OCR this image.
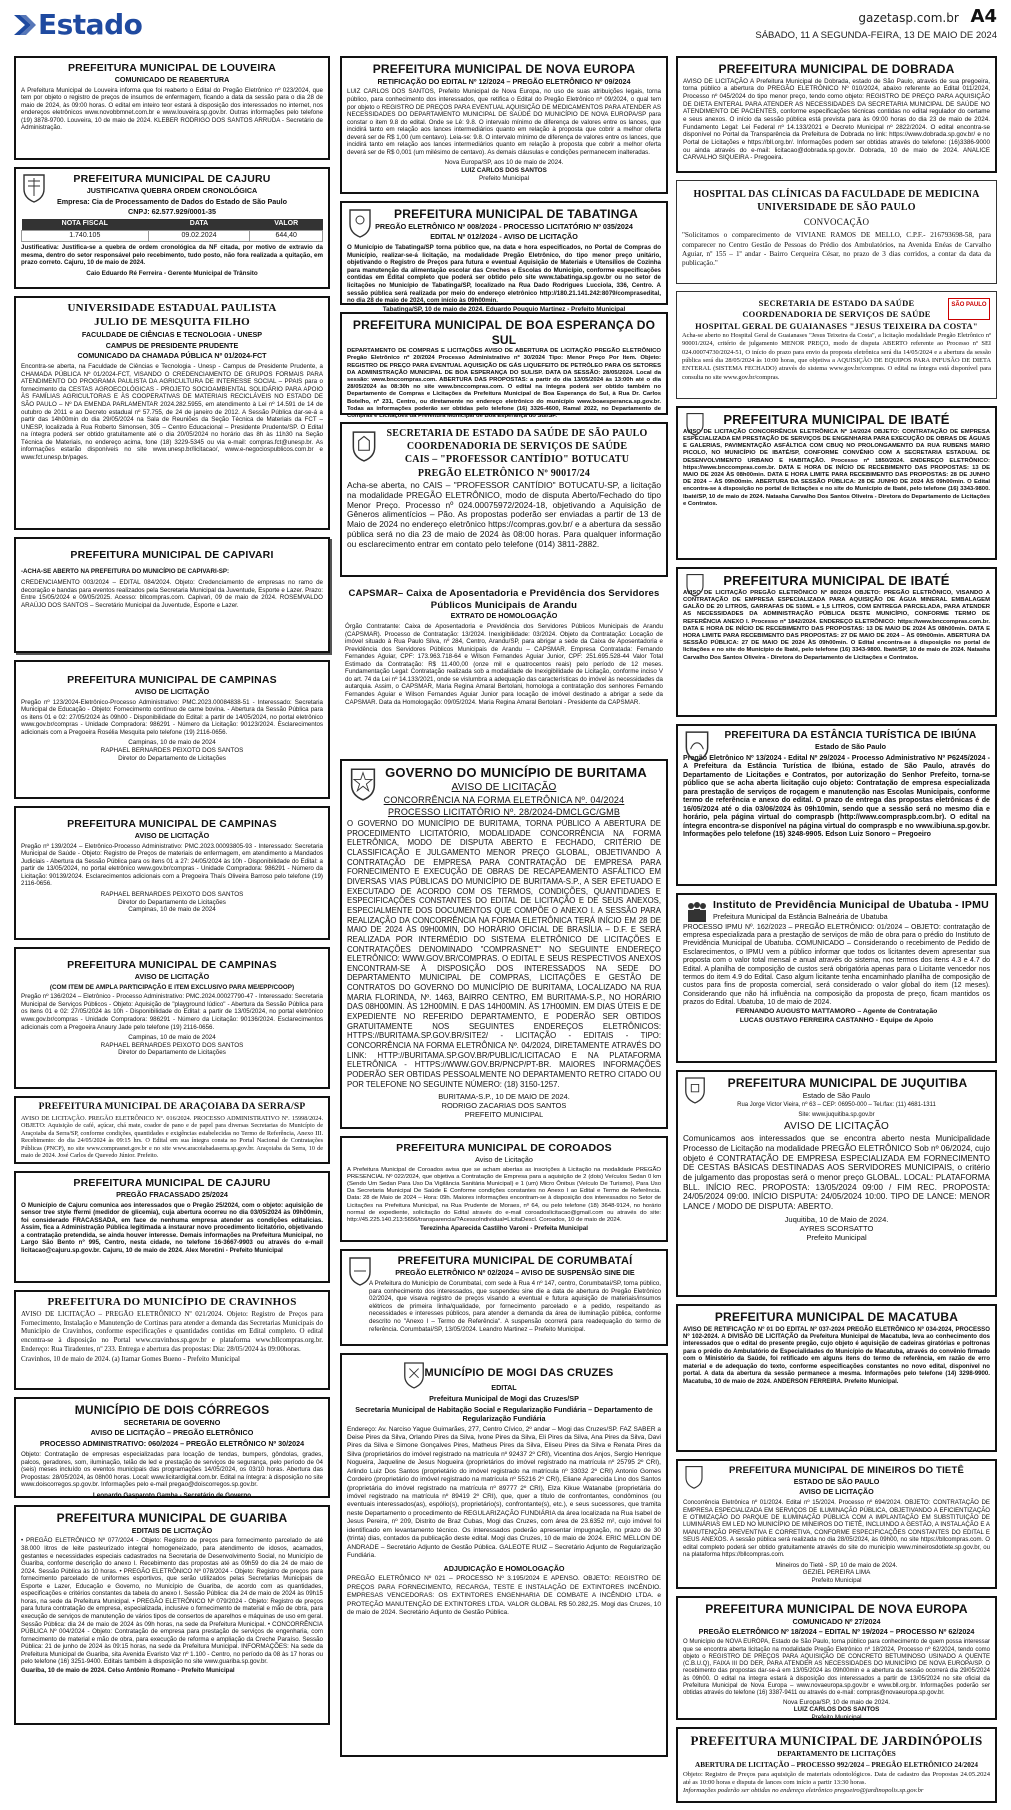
Estado	gazetasp.com.br A4
SÁBADO, 11 A SEGUNDA-FEIRA, 13 DE MAIO DE 2024
PREFEITURA MUNICIPAL DE LOUVEIRA
COMUNICADO DE REABERTURA
A Prefeitura Municipal de Louveira informa que foi reaberto o Edital do Pregão Eletrônico nº 023/2024, que tem por objeto o registro de preços de insumos de enfermagem, ficando a data da sessão para o dia 28 de maio de 2024, às 09:00 horas. O edital em inteiro teor estará à disposição dos interessados no internet, nos endereços eletrônicos www.novobbmnet.com.br e www.louveira.sp.gov.br. Outras informações pelo telefone (19) 3878-9700. Louveira, 10 de maio de 2024. KLEBER RODRIGO DOS SANTOS ARRUDA - Secretário de Administração.
PREFEITURA MUNICIPAL DE CAJURU
JUSTIFICATIVA QUEBRA ORDEM CRONOLÓGICA
Empresa: Cia de Processamento de Dados do Estado de São Paulo
CNPJ: 62.577.929/0001-35
NOTA FISCAL	DATA	VALOR
1.740.105	09.02.2024	644,40
Justificativa: Justifica-se a quebra de ordem cronológica da NF citada, por motivo de extravio da mesma, dentro do setor responsável pelo recebimento, tudo posto, não fora realizada a quitação, em prazo correto. Cajuru, 10 de maio de 2024.
Caio Eduardo Ré Ferreira - Gerente Municipal de Trânsito
UNIVERSIDADE ESTADUAL PAULISTA
JULIO DE MESQUITA FILHO
FACULDADE DE CIÊNCIAS E TECNOLOGIA - UNESP
CAMPUS DE PRESIDENTE PRUDENTE
COMUNICADO DA CHAMADA PÚBLICA Nº 01/2024-FCT
Encontra-se aberta, na Faculdade de Ciências e Tecnologia - Unesp - Campus de Presidente Prudente, a CHAMADA PÚBLICA Nº 01/2024-FCT, VISANDO O CREDENCIAMENTO DE GRUPOS FORMAIS PARA ATENDIMENTO DO PROGRAMA PAULISTA DA AGRICULTURA DE INTERESSE SOCIAL – PPAIS para o fornecimento da CESTAS AGROECOLÓGICAS - PROJETO SOCIOAMBIENTAL SOLIDÁRIO PARA APOIO ÀS FAMÍLIAS AGRICULTORAS E ÀS COOPERATIVAS DE MATERIAIS RECICLÁVEIS NO ESTADO DE SÃO PAULO – Nº DA EMENDA PARLAMENTAR 2024.282.5955, em atendimento à Lei nº 14.591 de 14 de outubro de 2011 e ao Decreto estadual nº 57.755, de 24 de janeiro de 2012. A Sessão Pública dar-se-á a partir das 14h00min do dia 29/05/2024 na Sala de Reuniões da Seção Técnica de Materiais da FCT – UNESP, localizada à Rua Roberto Simonsen, 305 – Centro Educacional – Presidente Prudente/SP. O Edital na íntegra poderá ser obtido gratuitamente até o dia 20/05/2024 no horário das 8h às 11h30 na Seção Técnica de Materiais, no endereço acima, fone (18) 3229-5345 ou via e-mail: compras.fct@unesp.br. As informações estarão disponíveis no site www.unesp.br/licitacao/, www.e-negociospublicos.com.br e www.fct.unesp.br/pages.
PREFEITURA MUNICIPAL DE CAPIVARI
-ACHA-SE ABERTO NA PREFEITURA DO MUNICÍPIO DE CAPIVARI-SP:
CREDENCIAMENTO 003/2024 – EDITAL 084/2024. Objeto: Credenciamento de empresas no ramo de decoração e bandas para eventos realizados pela Secretaria Municipal da Juventude, Esporte e Lazer. Prazo: Entre 15/05/2024 e 09/05/2025. Acesso: bllcompras.com. Capivari, 09 de maio de 2024. ROSEMVALDO ARAÚJO DOS SANTOS – Secretário Municipal da Juventude, Esporte e Lazer.
PREFEITURA MUNICIPAL DE CAMPINAS
AVISO DE LICITAÇÃO
Pregão nº 123/2024-Eletrônico-Processo Administrativo: PMC.2023.00084838-51 - Interessado: Secretaria Municipal de Educação - Objeto: Fornecimento contínuo de carne bovina. - Abertura da Sessão Pública para os itens 01 e 02: 27/05/2024 às 09h00 - Disponibilidade do Edital: a partir de 14/05/2024, no portal eletrônico www.gov.br/compras - Unidade Compradora: 986291 - Número da Licitação: 90123/2024. Esclarecimentos adicionais com a Pregoeira Rosélia Mesquita pelo telefone (19) 2116-0656.
Campinas, 10 de maio de 2024
RAPHAEL BERNARDES PEIXOTO DOS SANTOS
Diretor do Departamento de Licitações
PREFEITURA MUNICIPAL DE CAMPINAS
AVISO DE LICITAÇÃO
Pregão nº 139/2024 – Eletrônico-Processo Administrativo: PMC.2023.00093805-93 - Interessado: Secretaria Municipal de Saúde - Objeto: Registro de Preços de materiais de enfermagem, em atendimento a Mandados Judiciais - Abertura da Sessão Pública para os itens 01 a 27: 24/05/2024 às 10h - Disponibilidade do Edital: a partir de 13/05/2024, no portal eletrônico www.gov.br/compras - Unidade Compradora: 986291 - Número da Licitação: 90139/2024. Esclarecimentos adicionais com a Pregoeira Thaís Oliveira Barroso pelo telefone (19) 2116-0656.
RAPHAEL BERNARDES PEIXOTO DOS SANTOS
Diretor do Departamento de Licitações
Campinas, 10 de maio de 2024
PREFEITURA MUNICIPAL DE CAMPINAS
AVISO DE LICITAÇÃO
(COM ITEM DE AMPLA PARTICIPAÇÃO E ITEM EXCLUSIVO PARA ME/EPP/COOP)
Pregão nº 136/2024 – Eletrônico - Processo Administrativo: PMC.2024.00027790-47 - Interessado: Secretaria Municipal de Serviços Públicos - Objeto: Aquisição de "playground lúdico" - Abertura da Sessão Pública para os itens 01 e 02: 27/05/2024 às 10h - Disponibilidade do Edital: a partir de 13/05/2024, no portal eletrônico www.gov.br/compras - Unidade Compradora: 986291 - Número da Licitação: 90136/2024. Esclarecimentos adicionais com a Pregoeira Anaury Jade pelo telefone (19) 2116-0656.
Campinas, 10 de maio de 2024
RAPHAEL BERNARDES PEIXOTO DOS SANTOS
Diretor do Departamento de Licitações
PREFEITURA MUNICIPAL DE ARAÇOIABA DA SERRA/SP
AVISO DE LICITAÇÃO. PREGÃO ELETRÔNICO Nº. 016/2024. PROCESSO ADMINISTRATIVO Nº. 15998/2024. OBJETO: Aquisição de café, açúcar, chá mate, coador de pano e de papel para diversas Secretarias do Município de Araçoiaba da Serra/SP, conforme condições, quantidades e exigências estabelecidas no Termo de Referência, Anexo III. Recebimento: do dia 24/05/2024 às 09:15 hrs. O Edital em sua íntegra consta no Portal Nacional de Contratações Públicas (PNCP), no site www.comprasnet.gov.br e no site www.aracoiabadaserra.sp.gov.br. Araçoiaba da Serra, 10 de maio de 2024. José Carlos de Quevedo Júnior. Prefeito.
PREFEITURA MUNICIPAL DE CAJURU
PREGÃO FRACASSADO 25/2024
O Município de Cajuru comunica aos interessados que o Pregão 25/2024, com o objeto: aquisição de sensor tree style ffermi (medidor de glicemia), cuja abertura ocorreu no dia 03/05/2024 às 09h00min, foi considerado FRACASSADA, em face de nenhuma empresa atender as condições editalícias. Assim, fica a Administração Pública legitimada a instaurar novo procedimento licitatório, objetivando a contratação pretendida, se ainda houver interesse. Demais informações na Prefeitura Municipal, no Largo São Bento nº 995, Centro, nesta cidade, no telefone 16-3667-9903 ou através do e-mail licitacao@cajuru.sp.gov.br. Cajuru, 10 de maio de 2024. Alex Moretini - Prefeito Municipal
PREFEITURA DO MUNICÍPIO DE CRAVINHOS
AVISO DE LICITAÇÃO – PREGÃO ELETRÔNICO Nº 021/2024. Objeto: Registro de Preços para Fornecimento, Instalação e Manutenção de Cortinas para atender a demanda das Secretarias Municipais do Município de Cravinhos, conforme especificações e quantidades contidas em Edital completo. O edital encontra-se à disposição no Portal www.cravinhos.sp.gov.br e plataforma www.bllcompras.org.br. Endereço: Rua Tiradentes, nº 233. Entrega e abertura das propostas: Dia: 28/05/2024 às 09:00horas.
Cravinhos, 10 de maio de 2024. (a) Itamar Gomes Bueno - Prefeito Municipal
MUNICÍPIO DE DOIS CÓRREGOS
SECRETARIA DE GOVERNO
AVISO DE LICITAÇÃO – PREGÃO ELETRÔNICO
PROCESSO ADMINISTRATIVO: 060/2024 – PREGÃO ELETRÔNICO Nº 30/2024
Objeto: Contratação de empresas especializadas para locação de tendas, bumpers, gôndolas, grades, palcos, geradores, som, iluminação, telão de led e prestação de serviços de segurança, pelo período de 04 (seis) meses incluído os eventos municipais das programações 14/05/2024, os 03/10 horas. Abertura das Propostas: 28/05/2024, às 08h00 horas. Local: www.licitardigital.com.br. Edital na íntegra: à disposição no site www.doiscorregos.sp.gov.br. Informações pelo e-mail pregao@doiscorregos.sp.gov.br.
Leonardo Gasparoto Gamba - Secretário de Governo
PREFEITURA MUNICIPAL DE GUARIBA
EDITAIS DE LICITAÇÃO
• PREGÃO ELETRÔNICO Nº 077/2024 - Objeto: Registro de preços para fornecimento parcelado de até 38.000 litros de leite pasteurizado integral homogeneizado, para atendimento de idosos, acamados, gestantes e necessidades especiais cadastrados na Secretaria de Desenvolvimento Social, no Município de Guariba, conforme descrição do anexo I. Recebimento das propostas até as 09h59 do dia 24 de maio de 2024. Sessão Pública às 10 horas. • PREGÃO ELETRÔNICO Nº 078/2024 - Objeto: Registro de preços para fornecimento parcelado de uniformes esportivos, que serão utilizados pelas Secretarias Municipais de Esporte e Lazer, Educação e Governo, no Município de Guariba, de acordo com as quantidades, especificações e critérios constantes da tabela do anexo I. Sessão Pública: dia 24 de maio de 2024 às 09h15 horas, na sede da Prefeitura Municipal. • PREGÃO ELETRÔNICO Nº 079/2024 - Objeto: Registro de preços para futura contratação de empresa, especializada, inclusive o fornecimento de material e mão de obra, para execução de serviços de manutenção de vários tipos de consertos de aparelhos e máquinas de uso em geral. Sessão Pública: dia 24 de maio de 2024 às 09h horas, na sede da Prefeitura Municipal. • CONCORRÊNCIA PÚBLICA Nº 004/2024 - Objeto: Contratação de empresa para prestação de serviços de engenharia, com fornecimento de material e mão de obra, para execução de reforma e ampliação da Creche Paraíso. Sessão Pública: 21 de junho de 2024 às 09:15 horas, na sede da Prefeitura Municipal. INFORMAÇÕES: Na sede da Prefeitura Municipal de Guariba, sita Avenida Evaristo Vaz nº 1.100 - Centro, no período da 08 às 17 horas ou pelo telefone (16) 3251-9400. Editais também à disposição no site www.guariba.sp.gov.br.
Guariba, 10 de maio de 2024. Celso Antônio Romano - Prefeito Municipal
PREFEITURA MUNICIPAL DE NOVA EUROPA
RETIFICAÇÃO DO EDITAL Nº 12/2024 – PREGÃO ELETRÔNICO Nº 09/2024
LUIZ CARLOS DOS SANTOS, Prefeito Municipal de Nova Europa, no uso de suas atribuições legais, torna público, para conhecimento dos interessados, que retifica o Edital do Pregão Eletrônico nº 09/2024, o qual tem por objeto o REGISTRO DE PREÇOS PARA EVENTUAL AQUISIÇÃO DE MEDICAMENTOS PARA ATENDER AS NECESSIDADES DO DEPARTAMENTO MUNICIPAL DE SAÚDE DO MUNICÍPIO DE NOVA EUROPA/SP para constar o item 9.8 do edital. Onde se Lê: 9.8. O intervalo mínimo de diferença de valores entre os lances, que incidirá tanto em relação aos lances intermediários quanto em relação à proposta que cobrir a melhor oferta deverá ser de R$ 1,00 (um centavo). Leia-se: 9.8. O intervalo mínimo de diferença de valores entre os lances, que incidirá tanto em relação aos lances intermediários quanto em relação à proposta que cobrir a melhor oferta deverá ser de R$ 0,001 (um milésimo de centavo). As demais cláusulas e condições permanecem inalteradas.
Nova Europa/SP, aos 10 de maio de 2024.
LUIZ CARLOS DOS SANTOS
Prefeito Municipal
PREFEITURA MUNICIPAL DE TABATINGA
PREGÃO ELETRÔNICO Nº 008/2024 - PROCESSO LICITATÓRIO Nº 035/2024
EDITAL Nº 012/2024 - AVISO DE LICITAÇÃO
O Município de Tabatinga/SP torna público que, na data e hora especificados, no Portal de Compras do Município, realizar-se-á licitação, na modalidade Pregão Eletrônico, do tipo menor preço unitário, objetivando o Registro de Preços para futura e eventual Aquisição de Materiais e Utensílios de Cozinha para manutenção da alimentação escolar das Creches e Escolas do Município, conforme especificações contidas em Edital completo que poderá ser obtido pelo site www.tabatinga.sp.gov.br ou no setor de licitações no Município de Tabatinga/SP, localizado na Rua Dado Rodrigues Lucciola, 336, Centro. A sessão pública será realizada por meio do endereço eletrônico http://180.21.141.242:8079/comprasedital, no dia 28 de maio de 2024, com início às 09h00min.
Tabatinga/SP, 10 de maio de 2024. Eduardo Pouquio Martinez - Prefeito Municipal
PREFEITURA MUNICIPAL DE BOA ESPERANÇA DO SUL
DEPARTAMENTO DE COMPRAS E LICITAÇÕES AVISO DE ABERTURA DE LICITAÇÃO PREGÃO ELETRÔNICO Pregão Eletrônico nº 20/2024 Processo Administrativo nº 30/2024 Tipo: Menor Preço Por Item. Objeto: REGISTRO DE PREÇO PARA EVENTUAL AQUISIÇÃO DE GÁS LIQUEFEITO DE PETRÓLEO PARA OS SETORES DA ADMINISTRAÇÃO MUNICIPAL DE BOA ESPERANÇA DO SUL/SP. DATA DA SESSÃO: 28/05/2024. Local da sessão: www.bnccompras.com. ABERTURA DAS PROPOSTAS: a partir do dia 13/05/2024 às 13:00h até o dia 28/05/2024 às 08:30h no site www.bnccompras.com. O edital na íntegra poderá ser obtido também no Departamento de Compras e Licitações da Prefeitura Municipal de Boa Esperança do Sul, à Rua Dr. Carlos Botelho, nº 231, Centro, ou diretamente no endereço eletrônico do município www.boaesperanca.sp.gov.br. Todas as informações poderão ser obtidas pelo telefone (16) 3326-4600, Ramal 2022, no Departamento de Compras e Licitações da Prefeitura Municipal de Boa Esperança do Sul/SP.
SECRETARIA DE ESTADO DA SAÚDE DE SÃO PAULO
COORDENADORIA DE SERVIÇOS DE SAÚDE
CAIS – "PROFESSOR CANTÍDIO" BOTUCATU
PREGÃO ELETRÔNICO Nº 90017/24
Acha-se aberta, no CAIS – "PROFESSOR CANTÍDIO" BOTUCATU-SP, a licitação na modalidade PREGÃO ELETRÔNICO, modo de disputa Aberto/Fechado do tipo Menor Preço. Processo nº 024.00075972/2024-18, objetivando a Aquisição de Gêneros alimentícios – Pão. As propostas poderão ser enviadas a partir de 13 de Maio de 2024 no endereço eletrônico https://compras.gov.br/ e a abertura da sessão pública será no dia 23 de maio de 2024 às 08:00 horas. Para qualquer informação ou esclarecimento entrar em contato pelo telefone (014) 3811-2882.
CAPSMAR– Caixa de Aposentadoria e Previdência dos Servidores Públicos Municipais de Arandu
EXTRATO DE HOMOLOGAÇÃO
Órgão Contratante: Caixa de Aposentadoria e Previdência dos Servidores Públicos Municipais de Arandu (CAPSMAR). Processo de Contratação: 13/2024. Inexigibilidade: 03/2024. Objeto da Contratação: Locação de imóvel situado à Rua Paulo Silva, nº 284, Centro, Arandu/SP, para abrigar a sede da Caixa de Aposentadoria e Previdência dos Servidores Públicos Municipais de Arandu – CAPSMAR. Empresa Contratada: Fernando Fernandes Aguiar, CPF: 173.963.718-64 e Wilson Fernandes Aguiar Junior, CPF: 251.695.528-44 Valor Total Estimado da Contratação: R$ 11.400,00 (onze mil e quatrocentos reais) pelo período de 12 meses. Fundamentação Legal: Contratação realizada sob a modalidade de Inexigibilidade de Licitação, conforme inciso V do art. 74 da Lei nº 14.133/2021, onde se vislumbra a adequação das características do imóvel às necessidades da autarquia. Assim, o CAPSMAR, Maria Regina Amaral Bertolani, homologa a contratação dos senhores Fernando Fernandes Aguiar e Wilson Fernandes Aguiar Junior para locação de imóvel destinado a abrigar a sede da CAPSMAR. Data da Homologação: 09/05/2024. Maria Regina Amaral Bertolani - Presidente da CAPSMAR.
GOVERNO DO MUNICÍPIO DE BURITAMA
AVISO DE LICITAÇÃO
CONCORRÊNCIA NA FORMA ELETRÔNICA Nº. 04/2024
PROCESSO LICITATÓRIO Nº. 28/2024-DMCLGC/GMB
O GOVERNO DO MUNICÍPIO DE BURITAMA, TORNA PÚBLICO A ABERTURA DE PROCEDIMENTO LICITATÓRIO, MODALIDADE CONCORRÊNCIA NA FORMA ELETRÔNICA, MODO DE DISPUTA ABERTO E FECHADO, CRITÉRIO DE CLASSIFICAÇÃO E JULGAMENTO MENOR PREÇO GLOBAL, OBJETIVANDO A CONTRATAÇÃO DE EMPRESA PARA CONTRATAÇÃO DE EMPRESA PARA FORNECIMENTO E EXECUÇÃO DE OBRAS DE RECAPEAMENTO ASFÁLTICO EM DIVERSAS VIAS PÚBLICAS DO MUNICÍPIO DE BURITAMA-S.P., A SER EFETUADO E EXECUTADO DE ACORDO COM OS TERMOS, CONDIÇÕES, QUANTIDADES E ESPECIFICAÇÕES CONSTANTES DO EDITAL DE LICITAÇÃO E DE SEUS ANEXOS, ESPECIALMENTE DOS DOCUMENTOS QUE COMPÕE O ANEXO I. A SESSÃO PARA REALIZAÇÃO DA CONCORRÊNCIA NA FORMA ELETRÔNICA TERÁ INÍCIO EM 28 DE MAIO DE 2024 ÀS 09H00MIN, DO HORÁRIO OFICIAL DE BRASÍLIA – D.F. E SERÁ REALIZADA POR INTERMÉDIO DO SISTEMA ELETRÔNICO DE LICITAÇÕES E CONTRATAÇÕES DENOMINADO "COMPRASNET" NO SEGUINTE ENDEREÇO ELETRÔNICO: WWW.GOV.BR/COMPRAS. O EDITAL E SEUS RESPECTIVOS ANEXOS ENCONTRAM-SE À DISPOSIÇÃO DOS INTERESSADOS NA SEDE DO DEPARTAMENTO MUNICIPAL DE COMPRAS, LICITAÇÕES E GESTÃO DE CONTRATOS DO GOVERNO DO MUNICÍPIO DE BURITAMA, LOCALIZADO NA RUA MARIA FLORINDA, Nº. 1463, BAIRRO CENTRO, EM BURITAMA-S.P., NO HORÁRIO DAS 08H00MIN. ÀS 12H00MIN. E DAS 14H00MIN. ÀS 17H00MIN. EM DIAS ÚTEIS E DE EXPEDIENTE NO REFERIDO DEPARTAMENTO, E PODERÃO SER OBTIDOS GRATUITAMENTE NOS SEGUINTES ENDEREÇOS ELETRÔNICOS: HTTPS://BURITAMA.SP.GOV.BR/SITE2/ - LICITAÇÃO - EDITAIS - TIPO: CONCORRÊNCIA NA FORMA ELETRÔNICA Nº. 04/2024, DIRETAMENTE ATRAVÉS DO LINK: HTTP://BURITAMA.SP.GOV.BR/PUBLIC/LICITACAO E NA PLATAFORMA ELETRÔNICA - HTTPS://WWW.GOV.BR/PNCP/PT-BR. MAIORES INFORMAÇÕES PODERÃO SER OBTIDAS PESSOALMENTE NO DEPARTAMENTO RETRO CITADO OU POR TELEFONE NO SEGUINTE NÚMERO: (18) 3150-1257.
BURITAMA-S.P., 10 DE MAIO DE 2024.
RODRIGO ZACARIAS DOS SANTOS
PREFEITO MUNICIPAL
PREFEITURA MUNICIPAL DE COROADOS
Aviso de Licitação
A Prefeitura Municipal de Coroados avisa que se acham abertas as inscrições à Licitação na modalidade PREGÃO PRESENCIAL Nº 022/2024, que objetiva a Contratação de Empresa para a aquisição de 2 (dois) Veículos Sedan 0 km (Sendo Um Sedan Para Uso Da Vigilância Sanitária Municipal) e 1 (um) Micro Ônibus (Veículo De Turismo), Para Uso Da Secretaria Municipal De Saúde E Conforme condições constantes no Anexo I ao Edital e Termo de Referência. Data: 28 de Maio de 2024 – Hora: 09h. Maiores informações encontram-se à disposição dos interessados no Setor de Licitações na Prefeitura Municipal, na Rua Prudente de Moraes, nº 64, ou pelo telefone (18) 3648-9124, no horário normal de expediente, solicitação do Edital através do e-mail coroadoslicitacao@gmail.com ou através do site: http://45.225.140.213:5656/transparencia/?AcessoIndividual=LicitaDescl. Coroados, 10 de maio de 2024.
Terezinha Aparecida Castilho Varoni - Prefeita Municipal
PREFEITURA MUNICIPAL DE CORUMBATAÍ
PREGÃO ELETRÔNICO Nº 02/2024 – AVISO DE SUSPENSÃO SINE DIE
A Prefeitura do Município de Corumbataí, com sede à Rua 4 nº 147, centro, Corumbataí/SP, torna público, para conhecimento dos interessados, que suspendeu sine die a data de abertura do Pregão Eletrônico 02/2024, que visava registro de preços visando a eventual e futura aquisição de materiais/insumos elétricos de primeira linha/qualidade, por fornecimento parcelado e a pedido, respeitando as necessidades e interesses públicos, para atender a demanda da área de iluminação pública, conforme descrito no "Anexo I – Termo de Referência". A suspensão ocorrerá para readequação do termo de referência. Corumbataí/SP, 13/05/2024. Leandro Martinez – Prefeito Municipal.
MUNICÍPIO DE MOGI DAS CRUZES
EDITAL
Prefeitura Municipal de Mogi das Cruzes/SP
Secretaria Municipal de Habitação Social e Regularização Fundiária – Departamento de Regularização Fundiária
Endereço: Av. Narciso Yague Guimarães, 277, Centro Cívico, 2º andar – Mogi das Cruzes/SP. FAZ SABER a Deise Pires da Silva, Orlando Pires da Silva, Ivone Pires da Silva, Eli Pires da Silva, Ana Pires da Silva, Davi Pires da Silva e Simone Gonçalves Pires, Matheus Pires da Silva, Eliseu Pires da Silva e Renata Pires da Silva (proprietários do imóvel registrado na matrícula nº 92437 2º CRI), Vicentina dos Anjos, Sergio Henrique Nogueira, Jaqueline de Jesus Nogueira (proprietários do imóvel registrado na matrícula nº 25795 2º CRI), Arlindo Luiz Dos Santos (proprietário do imóvel registrado na matrícula nº 33032 2º CRI) Antonio Gomes Cordeiro (proprietário do imóvel registrado na matrícula nº 55216 2º CRI), Eliane Aparecida Lino dos Santos (proprietária do imóvel registrado na matrícula nº 89777 2º CRI), Elza Kikue Watanabe (proprietária do imóvel registrado na matrícula nº 89419 2º CRI), que, quer a título de confrontantes, condôminos (ou eventuais interessados(as), espólio(s), proprietário(s), confrontante(s), etc.), e seus sucessores, que tramita neste Departamento o procedimento de REGULARIZAÇÃO FUNDIÁRIA da área localizada na Rua Isabel de Jesus Pereira, nº 209, Distrito de Braz Cubas, Mogi das Cruzes, com área de 23.6352 m², cujo imóvel foi identificado em levantamento técnico. Os interessados poderão apresentar impugnação, no prazo de 30 (trinta) dias, contados da publicação deste edital. Mogi das Cruzes, 10 de maio de 2024. ERIC MELLON DE ANDRADE – Secretário Adjunto de Gestão Pública. GALEOTE RUIZ – Secretário Adjunto de Regularização Fundiária.
ADJUDICAÇÃO E HOMOLOGAÇÃO
PREGÃO ELETRÔNICO Nº 021 – PROCESSO Nº 3.195/2024 E APENSO. OBJETO: REGISTRO DE PREÇOS PARA FORNECIMENTO, RECARGA, TESTE E INSTALAÇÃO DE EXTINTORES INCÊNDIO. EMPRESAS VENCEDORAS: OS EXTINTORES ENGENHARIA DE COMBATE A INCÊNDIO LTDA. e PROTEÇÃO MANUTENÇÃO DE EXTINTORES LTDA. VALOR GLOBAL R$ 50.282,25. Mogi das Cruzes, 10 de maio de 2024. Secretário Adjunto de Gestão Pública.
PREFEITURA MUNICIPAL DE DOBRADA
AVISO DE LICITAÇÃO A Prefeitura Municipal de Dobrada, estado de São Paulo, através de sua pregoeira, torna público a abertura do PREGÃO ELETRÔNICO Nº 010/2024, abaixo referente ao Edital 011/2024, Processo nº 045/2024 do tipo menor preço, tendo como objeto: REGISTRO DE PREÇO PARA AQUISIÇÃO DE DIETA ENTERAL PARA ATENDER AS NECESSIDADES DA SECRETARIA MUNICIPAL DE SAÚDE NO ATENDIMENTO DE PACIENTES, conforme especificações técnicas contidas no edital regulador do certame e seus anexos. O início da sessão pública está prevista para às 09:00 horas do dia 23 de maio de 2024. Fundamento Legal: Lei Federal nº 14.133/2021 e Decreto Municipal nº 2822/2024. O edital encontra-se disponível no Portal da Transparência da Prefeitura de Dobrada no link: https://www.dobrada.sp.gov.br/ e no Portal de Licitações e https://bll.org.br/. Informações podem ser obtidas através do telefone: (16)3386-9000 ou ainda através do e-mail: licitacao@dobrada.sp.gov.br. Dobrada, 10 de maio de 2024. ANALICE CARVALHO SIQUEIRA - Pregoeira.
HOSPITAL DAS CLÍNICAS DA FACULDADE DE MEDICINA
UNIVERSIDADE DE SÃO PAULO
CONVOCAÇÃO
"Solicitamos o comparecimento de VIVIANE RAMOS DE MELLO, C.P.F.- 216793698-58, para comparecer no Centro Gestão de Pessoas do Prédio dos Ambulatórios, na Avenida Enéas de Carvalho Aguiar, nº 155 – 1º andar - Bairro Cerqueira César, no prazo de 3 dias corridos, a contar da data da publicação."
SÃO PAULO
SECRETARIA DE ESTADO DA SAÚDE
COORDENADORIA DE SERVIÇOS DE SAÚDE
HOSPITAL GERAL DE GUAIANASES "JESUS TEIXEIRA DA COSTA"
Acha-se aberto no Hospital Geral de Guaianases "Jesus Teixeira da Costa", a licitação modalidade Pregão Eletrônico nº 90001/2024, critério de julgamento MENOR PREÇO, modo de disputa ABERTO referente ao Processo nº SEI 024.00074730/2024-51, O início do prazo para envio da proposta eletrônica será dia 14/05/2024 e a abertura da sessão pública será dia 28/05/2024 às 10:00 horas, que objetiva a AQUISIÇÃO DE EQUIPOS PARA INFUSÃO DE DIETA ENTERAL (SISTEMA FECHADO) através do sistema www.gov.br/compras. O edital na íntegra está disponível para consulta no site www.gov.br/compras.
PREFEITURA MUNICIPAL DE IBATÉ
AVISO DE LICITAÇÃO CONCORRÊNCIA ELETRÔNICA Nº 14/2024 OBJETO: CONTRATAÇÃO DE EMPRESA ESPECIALIZADA EM PRESTAÇÃO DE SERVIÇOS DE ENGENHARIA PARA EXECUÇÃO DE OBRAS DE ÁGUAS E GALERIAS, PAVIMENTAÇÃO ASFÁLTICA COM CBUQ NO PROLONGAMENTO DA RUA RUBENS MARIO PICOLO, NO MUNICÍPIO DE IBATÉ/SP, CONFORME CONVÊNIO COM A SECRETARIA ESTADUAL DE DESENVOLVIMENTO URBANO E HABITAÇÃO. Processo nº 1850/2024. ENDEREÇO ELETRÔNICO: https://www.bnccompras.com.br. DATA E HORA DE INÍCIO DE RECEBIMENTO DAS PROPOSTAS: 13 DE MAIO DE 2024 ÀS 08h00min. DATA E HORA LIMITE PARA RECEBIMENTO DAS PROPOSTAS: 28 DE JUNHO DE 2024 – ÀS 09h00min. ABERTURA DA SESSÃO PÚBLICA: 28 DE JUNHO DE 2024 ÀS 09h00min. O Edital encontra-se à disposição no portal de licitações e no site do Município de Ibaté, pelo telefone (16) 3343-9800. Ibaté/SP, 10 de maio de 2024. Natasha Carvalho Dos Santos Oliveira - Diretora do Departamento de Licitações e Contratos.
PREFEITURA MUNICIPAL DE IBATÉ
AVISO DE LICITAÇÃO PREGÃO ELETRÔNICO Nº 80/2024 OBJETO: PREGÃO ELETRÔNICO, VISANDO A CONTRATAÇÃO DE EMPRESA ESPECIALIZADA PARA AQUISIÇÃO DE ÁGUA MINERAL EMBALAGEM GALÃO DE 20 LITROS, GARRAFAS DE 510ML e 1,5 LITROS, COM ENTREGA PARCELADA, PARA ATENDER AS NECESSIDADES DA ADMINISTRAÇÃO PÚBLICA DESTE MUNICÍPIO, CONFORME TERMO DE REFERÊNCIA ANEXO I. Processo nº 1842/2024. ENDEREÇO ELETRÔNICO: https://www.bnccompras.com.br. DATA E HORA DE INÍCIO DE RECEBIMENTO DAS PROPOSTAS: 13 DE MAIO DE 2024 ÀS 08h00min. DATA E HORA LIMITE PARA RECEBIMENTO DAS PROPOSTAS: 27 DE MAIO DE 2024 – ÀS 09h00min. ABERTURA DA SESSÃO PÚBLICA: 27 DE MAIO DE 2024 ÀS 09h00min. O Edital encontra-se à disposição no portal de licitações e no site do Município de Ibaté, pelo telefone (16) 3343-9800. Ibaté/SP, 10 de maio de 2024. Natasha Carvalho Dos Santos Oliveira - Diretora do Departamento de Licitações e Contratos.
PREFEITURA DA ESTÂNCIA TURÍSTICA DE IBIÚNA
Estado de São Paulo
Pregão Eletrônico Nº 13/2024 - Edital Nº 29/2024 - Processo Administrativo Nº P6245/2024 - A Prefeitura da Estância Turística de Ibiúna, estado de São Paulo, através do Departamento de Licitações e Contratos, por autorização do Senhor Prefeito, torna-se público que se acha aberta licitação cujo objeto: Contratação de empresa especializada para prestação de serviços de roçagem e manutenção nas Escolas Municipais, conforme termo de referência e anexo do edital. O prazo de entrega das propostas eletrônicas é de 16/05/2024 até o dia 03/06/2024 às 09h10min, sendo que a sessão será no mesmo dia e horário, pela página virtual do compraspb (http://www.compraspb.com.br). O edital na íntegra encontra-se disponível na página virtual do compraspb e no www.ibiuna.sp.gov.br. Informações pelo telefone (15) 3248-9905. Edson Luiz Sonoro – Pregoeiro
Instituto de Previdência Municipal de Ubatuba - IPMU
Prefeitura Municipal da Estância Balneária de Ubatuba
PROCESSO IPMU Nº. 162/2023 – PREGÃO ELETRÔNICO: 01/2024 – OBJETO: contratação de empresa especializada para a prestação de serviços de mão de obra para o prédio do Instituto de Previdência Municipal de Ubatuba. COMUNICADO – Considerando o recebimento de Pedido de Esclarecimentos, o IPMU vem a público informar que todos os licitantes devem apresentar sua proposta com o valor total mensal e anual através do sistema, nos termos dos itens 4.3 e 4.7 do Edital. A planilha de composição de custos será obrigatória apenas para o Licitante vencedor nos termos do item 4.9 do Edital. Caso algum licitante tenha encaminhado planilha de composição de custos para fins de proposta comercial, será considerado o valor global do item (12 meses). Considerando que não há influência na composição da proposta de preço, ficam mantidos os prazos do Edital. Ubatuba, 10 de maio de 2024.
FERNANDO AUGUSTO MATTAMORO – Agente de Contratação
LUCAS GUSTAVO FERREIRA CASTANHO - Equipe de Apoio
PREFEITURA MUNICIPAL DE JUQUITIBA
Estado de São Paulo
Rua Jorge Victor Vieira, nº 63 – CEP: 06950-000 – Tel./fax: (11) 4681-1311
Site: www.juquitiba.sp.gov.br
AVISO DE LICITAÇÃO
Comunicamos aos interessados que se encontra aberto nesta Municipalidade Processo de Licitação na modalidade PREGÃO ELETRÔNICO Sob nº 06/2024, cujo objeto é CONTRATAÇÃO DE EMPRESA ESPECIALIZADA EM FORNECIMENTO DE CESTAS BÁSICAS DESTINADAS AOS SERVIDORES MUNICIPAIS, o critério de julgamento das propostas será o menor preço GLOBAL. LOCAL: PLATAFORMA BLL. INÍCIO REC. PROPOSTA: 13/05/2024 09:00 / FIM REC. PROPOSTA: 24/05/2024 09:00. INÍCIO DISPUTA: 24/05/2024 10:00. TIPO DE LANCE: MENOR LANCE / MODO DE DISPUTA: ABERTO.
Juquitiba, 10 de Maio de 2024.
AYRES SCORSATTO
Prefeito Municipal
PREFEITURA MUNICIPAL DE MACATUBA
AVISO DE RETIFICAÇÃO Nº 01 DO EDITAL Nº 037-2024 PREGÃO ELETRÔNICO Nº 034-2024, PROCESSO Nº 102-2024. A DIVISÃO DE LICITAÇÃO da Prefeitura Municipal de Macatuba, leva ao conhecimento dos interessados que o edital do presente pregão, cujo objeto é aquisição de cadeiras giratórias e poltronas para o prédio do Ambulatório de Especialidades do Município de Macatuba, através do convênio firmado com o Ministério da Saúde, foi retificado em alguns itens do termo de referência, em razão de erro material e de adequação do texto, conforme especificações constantes no novo edital, disponível no portal. A data da abertura da sessão permanece a mesma. Informações pelo telefone (14) 3298-9900. Macatuba, 10 de maio de 2024. ANDERSON FERREIRA. Prefeito Municipal.
PREFEITURA MUNICIPAL DE MINEIROS DO TIETÊ
ESTADO DE SÃO PAULO
AVISO DE LICITAÇÃO
Concorrência Eletrônica nº 01/2024. Edital nº 15/2024. Processo nº 694/2024. OBJETO: CONTRATAÇÃO DE EMPRESA ESPECIALIZADA EM SERVIÇOS DE ILUMINAÇÃO PÚBLICA, OBJETIVANDO A EFICIENTIZAÇÃO E OTIMIZAÇÃO DO PARQUE DE ILUMINAÇÃO PÚBLICA COM A IMPLANTAÇÃO EM SUBSTITUIÇÃO DE LUMINÁRIAS EM LED NO MUNICÍPIO DE MINEIROS DO TIETÊ, INCLUINDO A GESTÃO, A INSTALAÇÃO E A MANUTENÇÃO PREVENTIVA E CORRETIVA, CONFORME ESPECIFICAÇÕES CONSTANTES DO EDITAL E SEUS ANEXOS. A sessão pública será realizada no dia 28/05/2024, às 09h00, no site https://bllcompras.com. O edital completo poderá ser obtido gratuitamente através do site do município www.mineirosdotiete.sp.gov.br, ou na plataforma https://bllcompras.com.
Mineiros do Tietê - SP, 10 de maio de 2024.
GEZIEL PEREIRA LIMA
Prefeito Municipal
PREFEITURA MUNICIPAL DE NOVA EUROPA
COMUNICADO Nº 27/2024
PREGÃO ELETRÔNICO Nº 18/2024 – EDITAL Nº 19/2024 – PROCESSO Nº 62/2024
O Município de NOVA EUROPA, Estado de São Paulo, torna público para conhecimento de quem possa interessar que se encontra aberta licitação na modalidade Pregão Eletrônico nº 18/2024, Processo nº 62/2024, tendo como objeto o REGISTRO DE PREÇOS PARA AQUISIÇÃO DE CONCRETO BETUMINOSO USINADO A QUENTE (C.B.U.Q), FAIXA III DO DER, PARA ATENDER AS NECESSIDADES DO MUNICÍPIO DE NOVA EUROPA/SP. O recebimento das propostas dar-se-á em 13/05/2024 às 09h00min e a abertura da sessão ocorrerá dia 29/05/2024 às 09h00. O edital na íntegra estará à disposição dos interessados a partir de 13/05/2024 no site oficial da Prefeitura Municipal de Nova Europa – www.novaeuropa.sp.gov.br e www.bll.org.br. Informações poderão ser obtidas através do telefone (16) 3387-9411 ou através do e-mail: compras@novaeuropa.sp.gov.br.
Nova Europa/SP, 10 de maio de 2024.
LUIZ CARLOS DOS SANTOS
Prefeito Municipal
PREFEITURA MUNICIPAL DE JARDINÓPOLIS
DEPARTAMENTO DE LICITAÇÕES
ABERTURA DE LICITAÇÃO – PROCESSO 992/2024 – PREGÃO ELETRÔNICO 24/2024
Objeto: Registro de Preços para aquisição de materiais odontológicos. Data de cadastro das Propostas 24.05.2024 até as 10:00 horas e disputa de lances com início a partir 13:30 horas.
Informações poderão ser obtidas no endereço eletrônico pregoeiro@jardinopolis.sp.gov.br
